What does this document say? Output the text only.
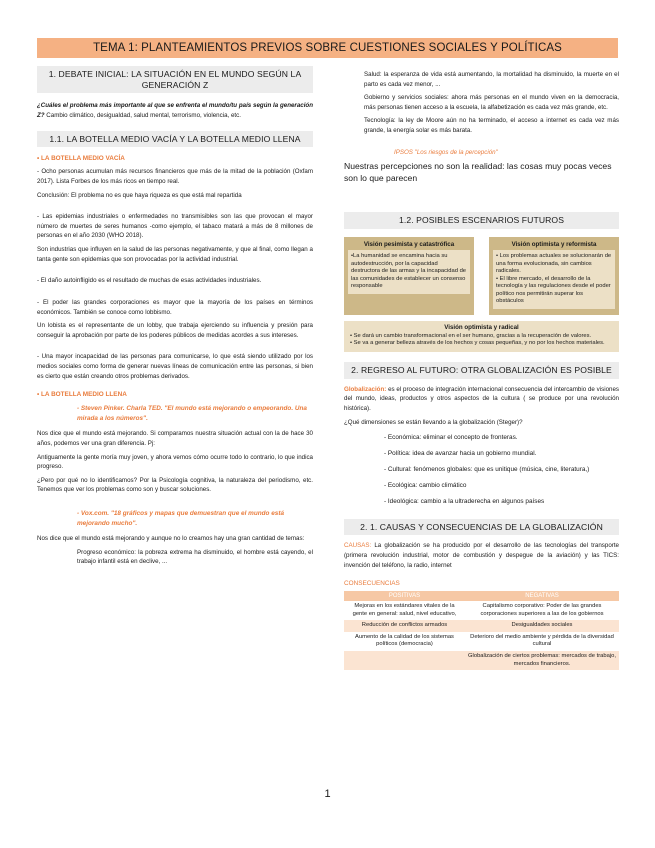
TEMA 1: PLANTEAMIENTOS PREVIOS SOBRE CUESTIONES SOCIALES Y POLÍTICAS
1. DEBATE INICIAL: LA SITUACIÓN EN EL MUNDO SEGÚN LA GENERACIÓN Z
¿Cuáles el problema más importante al que se enfrenta el mundo/tu país según la generación Z? Cambio climático, desigualdad, salud mental, terrorismo, violencia, etc.
1.1. LA BOTELLA MEDIO VACÍA Y LA BOTELLA MEDIO LLENA
• LA BOTELLA MEDIO VACÍA
- Ocho personas acumulan más recursos financieros que más de la mitad de la población (Oxfam 2017). Lista Forbes de los más ricos en tiempo real.
Conclusión: El problema no es que haya riqueza es que está mal repartida
- Las epidemias industriales o enfermedades no transmisibles son las que provocan el mayor número de muertes de seres humanos -como ejemplo, el tabaco matará a más de 8 millones de personas en el año 2030 (WHO 2018).
Son industrias que influyen en la salud de las personas negativamente, y que al final, como llegan a tanta gente son epidemias que son provocadas por la actividad industrial.
- El daño autoinfligido es el resultado de muchas de esas actividades industriales.
- El poder las grandes corporaciones es mayor que la mayoría de los países en términos económicos. También se conoce como lobbismo.
Un lobista es el representante de un lobby, que trabaja ejerciendo su influencia y presión para conseguir la aprobación por parte de los poderes públicos de medidas acordes a sus intereses.
- Una mayor incapacidad de las personas para comunicarse, lo que está siendo utilizado por los medios sociales como forma de generar nuevas líneas de comunicación entre las personas, si bien es cierto que están creando otros problemas derivados.
• LA BOTELLA MEDIO LLENA
- Steven Pinker. Charla TED. "El mundo está mejorando o empeorando. Una mirada a los números".
Nos dice que el mundo está mejorando. Si comparamos nuestra situación actual con la de hace 30 años, podemos ver una gran diferencia. Pj:
Antiguamente la gente moría muy joven, y ahora vemos cómo ocurre todo lo contrario, lo que indica progreso.
¿Pero por qué no lo identificamos? Por la Psicología cognitiva, la naturaleza del periodismo, etc. Tenemos que ver los problemas como son y buscar soluciones.
- Vox.com. "18 gráficos y mapas que demuestran que el mundo está mejorando mucho".
Nos dice que el mundo está mejorando y aunque no lo creamos hay una gran cantidad de temas:
Progreso económico: la pobreza extrema ha disminuido, el hombre está cayendo, el trabajo infantil está en declive, ...
Salud: la esperanza de vida está aumentando, la mortalidad ha disminuido, la muerte en el parto es cada vez menor, ...
Gobierno y servicios sociales: ahora más personas en el mundo viven en la democracia, más personas tienen acceso a la escuela, la alfabetización es cada vez más grande, etc.
Tecnología: la ley de Moore aún no ha terminado, el acceso a internet es cada vez más grande, la energía solar es más barata.
IPSOS "Los riesgos de la percepción"
Nuestras percepciones no son la realidad: las cosas muy pocas veces son lo que parecen
1.2. POSIBLES ESCENARIOS FUTUROS
Visión pesimista y catastrófica
•La humanidad se encamina hacia su autodestrucción, por la capacidad destructora de las armas y la incapacidad de las comunidades de establecer un consenso responsable
Visión optimista y reformista
• Los problemas actuales se solucionarán de una forma evolucionada, sin cambios radicales.
• El libre mercado, el desarrollo de la tecnología y las regulaciones desde el poder político nos permitirán superar los obstáculos
Visión optimista y radical
• Se dará un cambio transformacional en el ser humano, gracias a la recuperación de valores.
• Se va a generar belleza através de los hechos y cosas pequeñas, y no por los hechos materiales.
2. REGRESO AL FUTURO: OTRA GLOBALIZACIÓN ES POSIBLE
Globalización: es el proceso de integración internacional consecuencia del intercambio de visiones del mundo, ideas, productos y otros aspectos de la cultura ( se produce por una revolución histórica).
¿Qué dimensiones se están llevando a la globalización (Steger)?
- Económica: eliminar el concepto de fronteras.
- Política: idea de avanzar hacia un gobierno mundial.
- Cultural: fenómenos globales: que es unitique (música, cine, literatura,)
- Ecológica: cambio climático
- Ideológica: cambio a la ultraderecha en algunos países
2. 1. CAUSAS Y CONSECUENCIAS DE LA GLOBALIZACIÓN
CAUSAS: La globalización se ha producido por el desarrollo de las tecnologías del transporte (primera revolución industrial, motor de combustión y despegue de la aviación) y las TICS: invención del teléfono, la radio, internet
CONSECUENCIAS
POSITIVAS	NEGATIVAS
Mejoras en los estándares vitales de la gente en general: salud, nivel educativo,	Capitalismo corporativo: Poder de las grandes corporaciones superiores a las de los gobiernos
Reducción de conflictos armados	Desigualdades sociales
Aumento de la calidad de los sistemas políticos (democracia)	Deterioro del medio ambiente y pérdida de la diversidad cultural
	Globalización de ciertos problemas: mercados de trabajo, mercados financieros.
1
